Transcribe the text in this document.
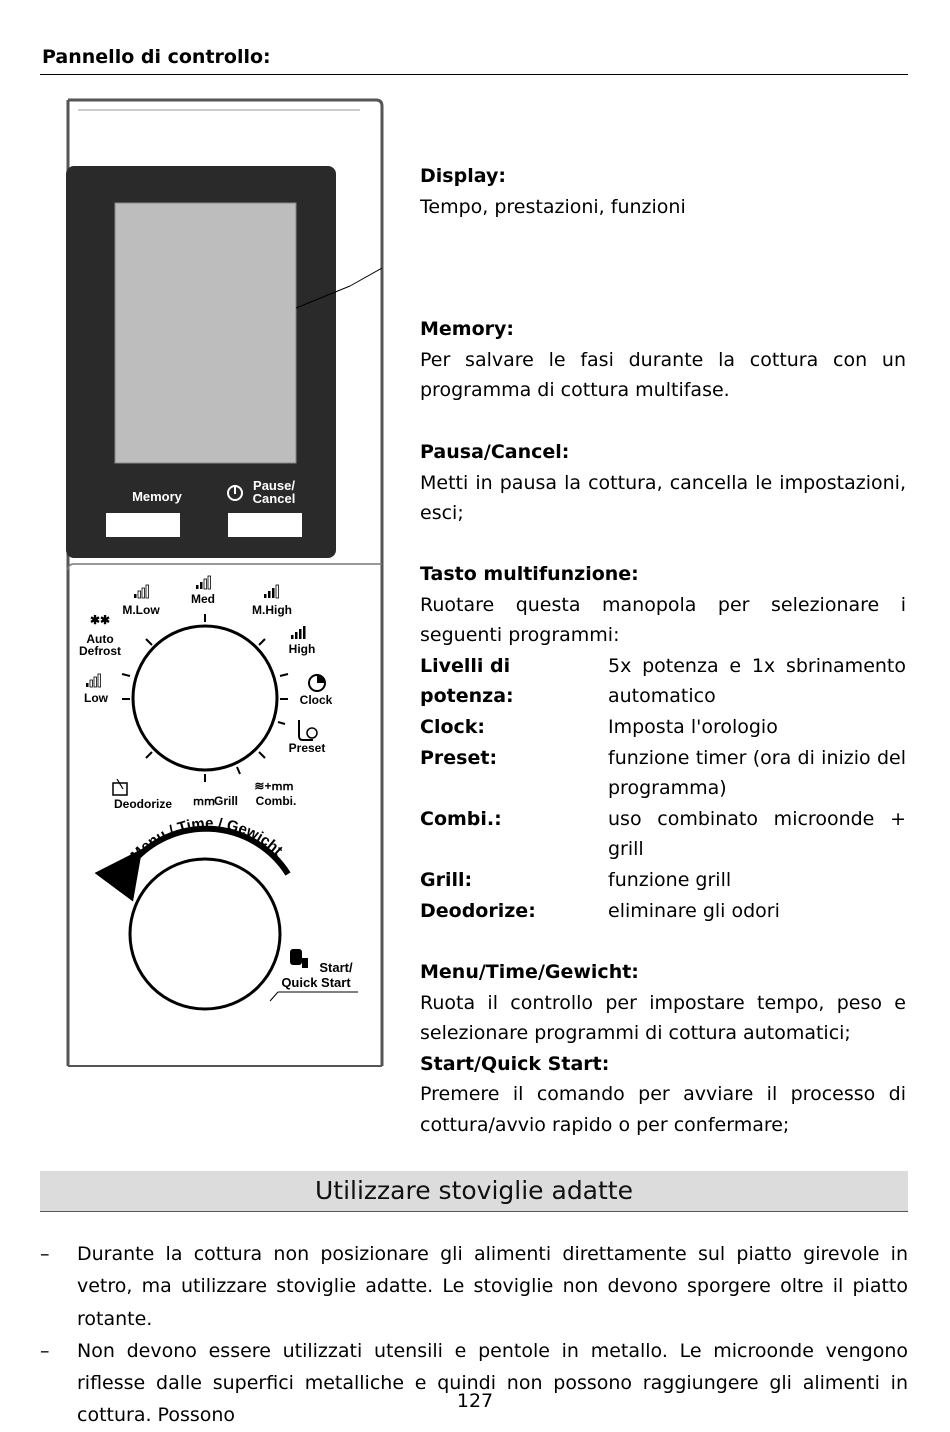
Pannello di controllo:
Memory
Pause/
Cancel
M.Low
Med
M.High
High
✱✱
Auto
Defrost
Low	Clock
Preset
Deodorize ՠՠ
Grill
≋+ՠՠ
Combi.
Menu / Time / Gewicht
Start/
Quick Start
Display:
Tempo, prestazioni, funzioni
Memory:
Per salvare le fasi durante la cottura con un programma di cottura multifase.
Pausa/Cancel:
Metti in pausa la cottura, cancella le impostazioni, esci;
Tasto multifunzione:
Ruotare questa manopola per selezionare i seguenti programmi:
Livelli di potenza:	5x potenza e 1x sbrinamento automatico
Clock:	Imposta l'orologio
Preset:	funzione timer (ora di inizio del programma)
Combi.:	uso combinato microonde + grill
Grill:	funzione grill
Deodorize:	eliminare gli odori
Menu/Time/Gewicht:
Ruota il controllo per impostare tempo, peso e selezionare programmi di cottura automatici;
Start/Quick Start:
Premere il comando per avviare il processo di cottura/avvio rapido o per confermare;
Utilizzare stoviglie adatte
–	Durante la cottura non posizionare gli alimenti direttamente sul piatto girevole in vetro, ma utilizzare stoviglie adatte. Le stoviglie non devono sporgere oltre il piatto rotante.
–	Non devono essere utilizzati utensili e pentole in metallo. Le microonde vengono riflesse dalle superfici metalliche e quindi non possono raggiungere gli alimenti in cottura. Possono
127
